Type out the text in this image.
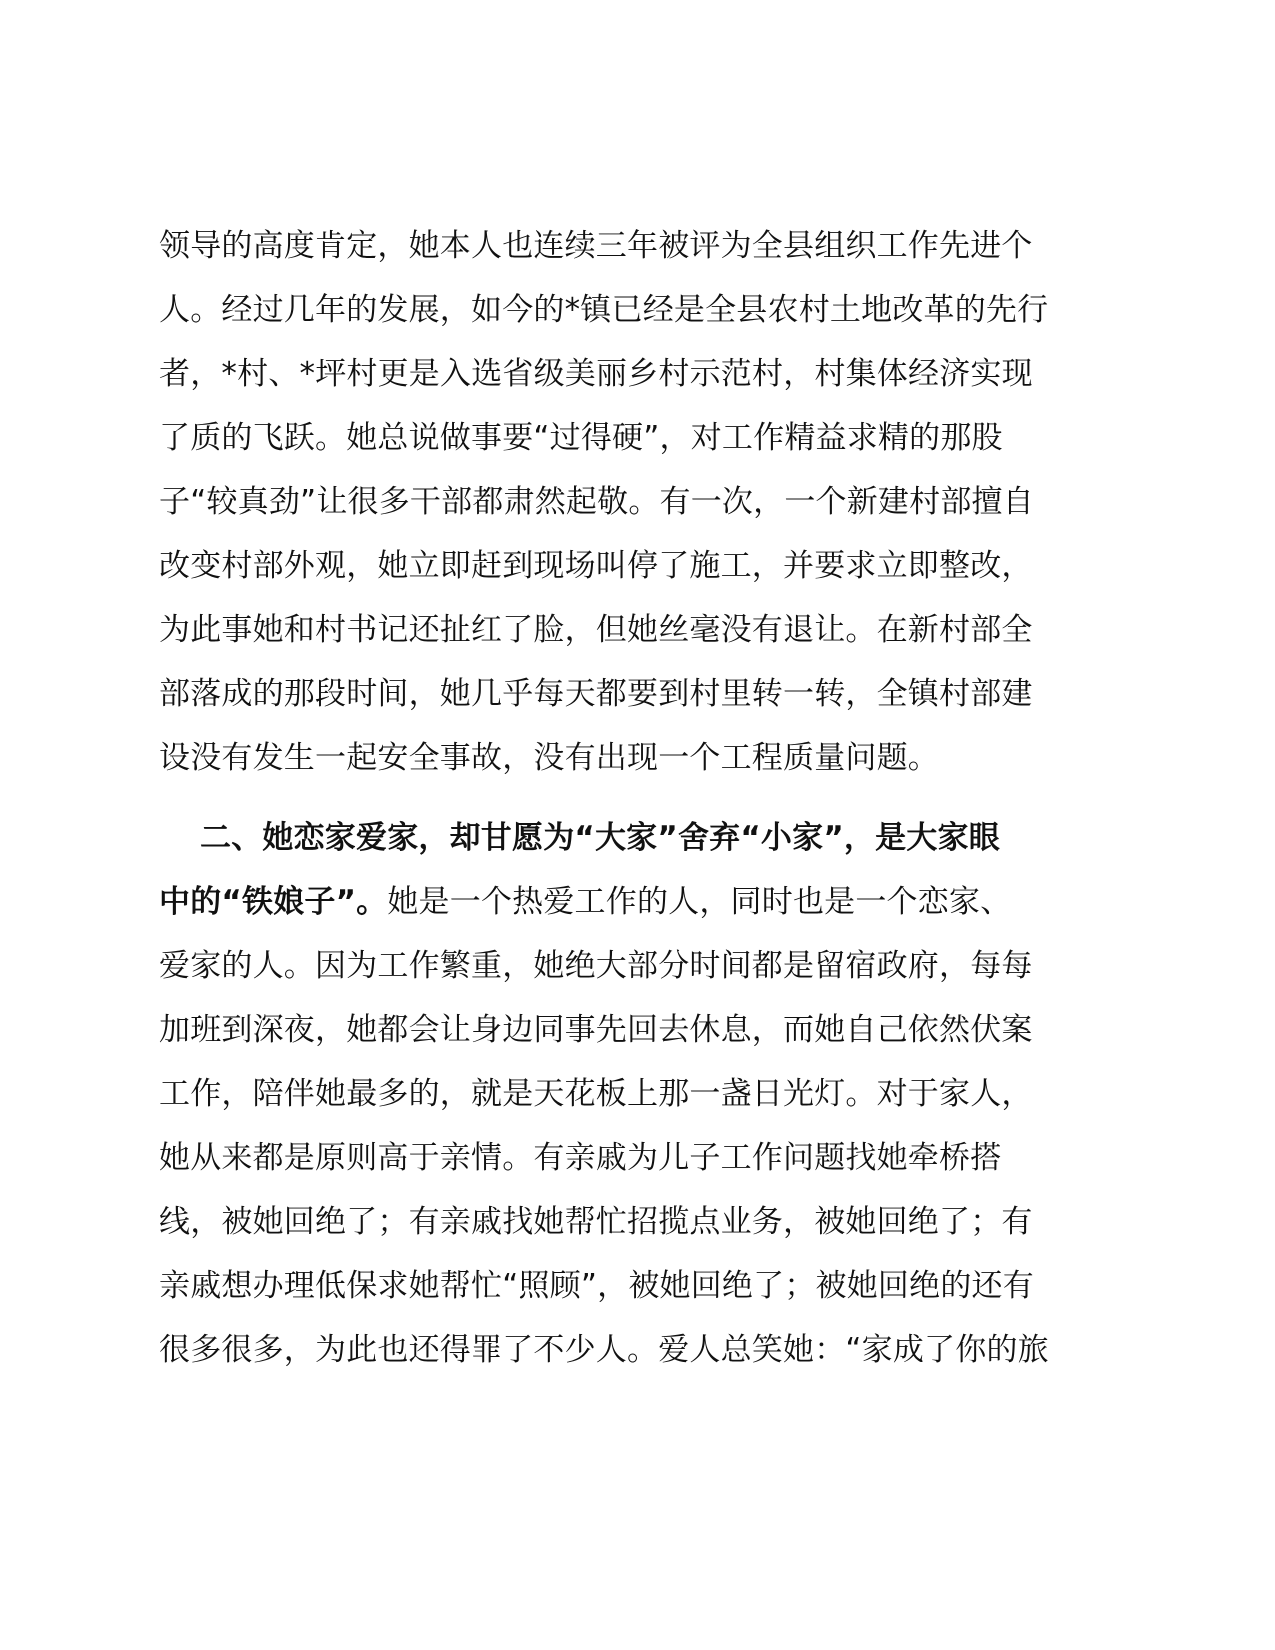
领导的高度肯定，她本人也连续三年被评为全县组织工作先进个
人。经过几年的发展，如今的*镇已经是全县农村土地改革的先行
者，*村、*坪村更是入选省级美丽乡村示范村，村集体经济实现
了质的飞跃。她总说做事要“过得硬”，对工作精益求精的那股
子“较真劲”让很多干部都肃然起敬。有一次，一个新建村部擅自
改变村部外观，她立即赶到现场叫停了施工，并要求立即整改，
为此事她和村书记还扯红了脸，但她丝毫没有退让。在新村部全
部落成的那段时间，她几乎每天都要到村里转一转，全镇村部建
设没有发生一起安全事故，没有出现一个工程质量问题。
二、她恋家爱家，却甘愿为“大家”舍弃“小家”，是大家眼
中的“铁娘子”。她是一个热爱工作的人，同时也是一个恋家、
爱家的人。因为工作繁重，她绝大部分时间都是留宿政府，每每
加班到深夜，她都会让身边同事先回去休息，而她自己依然伏案
工作，陪伴她最多的，就是天花板上那一盏日光灯。对于家人，
她从来都是原则高于亲情。有亲戚为儿子工作问题找她牵桥搭
线，被她回绝了；有亲戚找她帮忙招揽点业务，被她回绝了；有
亲戚想办理低保求她帮忙“照顾”，被她回绝了；被她回绝的还有
很多很多，为此也还得罪了不少人。爱人总笑她：“家成了你的旅
